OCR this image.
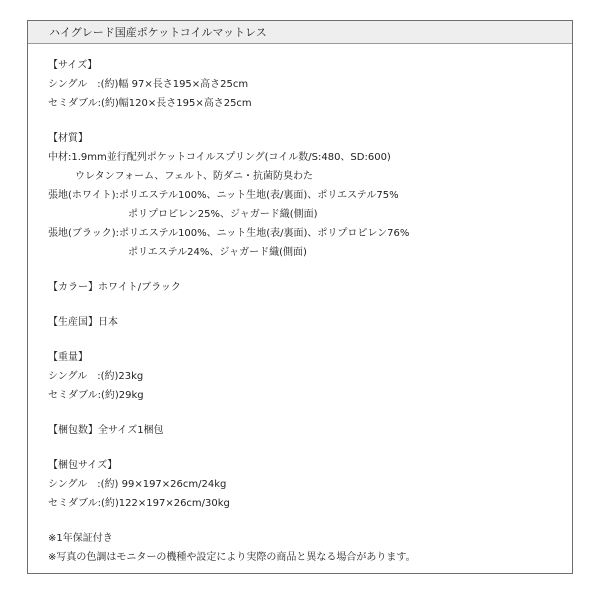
ハイグレード国産ポケットコイルマットレス
【サイズ】
シングル　:(約)幅 97×長さ195×高さ25cm
セミダブル:(約)幅120×長さ195×高さ25cm
【材質】
中材:1.9mm並行配列ポケットコイルスプリング(コイル数/S:480、SD:600)
ウレタンフォーム、フェルト、防ダニ・抗菌防臭わた
張地(ホワイト):ポリエステル100%、ニット生地(表/裏面)、ポリエステル75%
ポリプロピレン25%、ジャガード織(側面)
張地(ブラック):ポリエステル100%、ニット生地(表/裏面)、ポリプロピレン76%
ポリエステル24%、ジャガード織(側面)
【カラー】ホワイト/ブラック
【生産国】日本
【重量】
シングル　:(約)23kg
セミダブル:(約)29kg
【梱包数】全サイズ1梱包
【梱包サイズ】
シングル　:(約) 99×197×26cm/24kg
セミダブル:(約)122×197×26cm/30kg
※1年保証付き
※写真の色調はモニターの機種や設定により実際の商品と異なる場合があります。
